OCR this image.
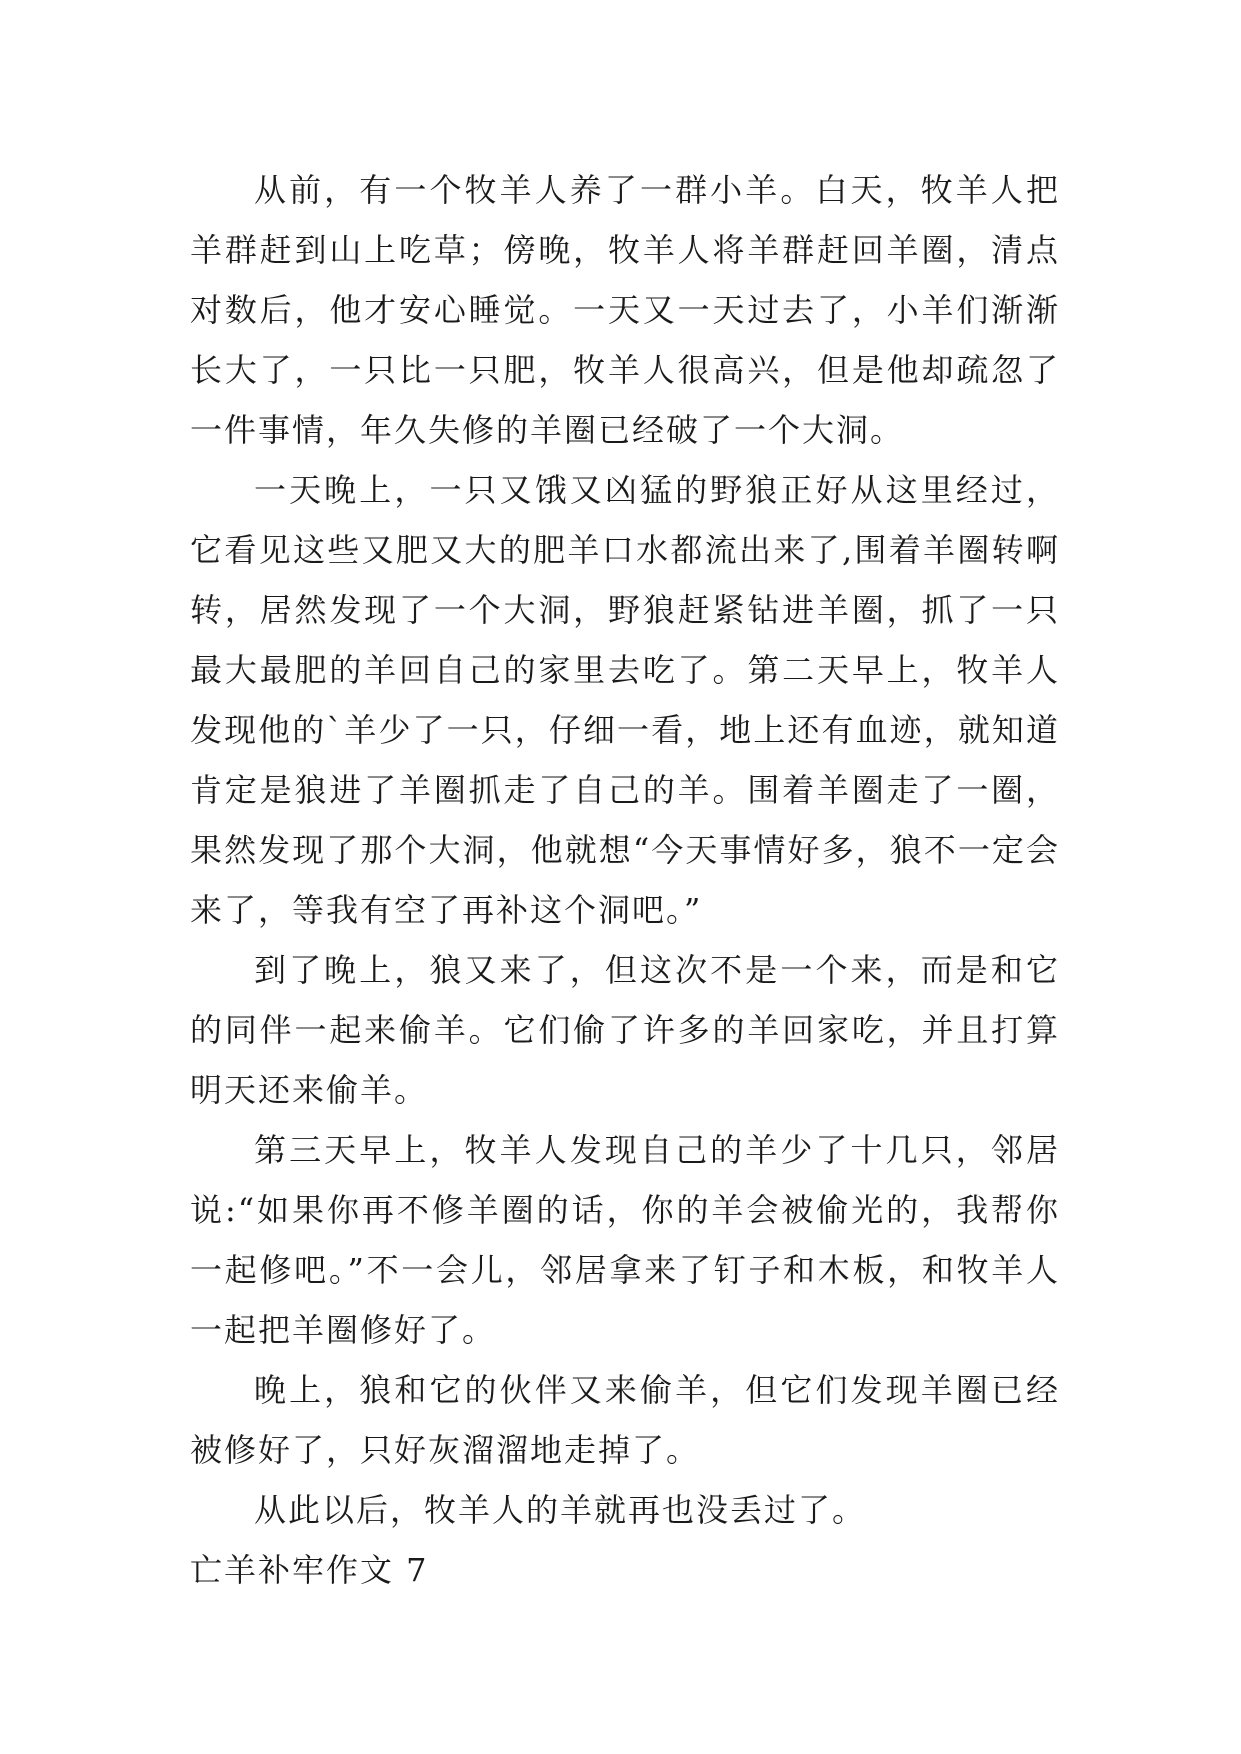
从前，有一个牧羊人养了一群小羊。白天，牧羊人把羊群赶到山上吃草；傍晚，牧羊人将羊群赶回羊圈，清点对数后，他才安心睡觉。一天又一天过去了，小羊们渐渐长大了，一只比一只肥，牧羊人很高兴，但是他却疏忽了一件事情，年久失修的羊圈已经破了一个大洞。

一天晚上，一只又饿又凶猛的野狼正好从这里经过，它看见这些又肥又大的肥羊口水都流出来了,围着羊圈转啊转，居然发现了一个大洞，野狼赶紧钻进羊圈，抓了一只最大最肥的羊回自己的家里去吃了。第二天早上，牧羊人发现他的`羊少了一只，仔细一看，地上还有血迹，就知道肯定是狼进了羊圈抓走了自己的羊。围着羊圈走了一圈，果然发现了那个大洞，他就想“今天事情好多，狼不一定会来了，等我有空了再补这个洞吧。”

到了晚上，狼又来了，但这次不是一个来，而是和它的同伴一起来偷羊。它们偷了许多的羊回家吃，并且打算明天还来偷羊。

第三天早上，牧羊人发现自己的羊少了十几只，邻居说:“如果你再不修羊圈的话，你的羊会被偷光的，我帮你一起修吧。”不一会儿，邻居拿来了钉子和木板，和牧羊人一起把羊圈修好了。

晚上，狼和它的伙伴又来偷羊，但它们发现羊圈已经被修好了，只好灰溜溜地走掉了。

从此以后，牧羊人的羊就再也没丢过了。

亡羊补牢作文 7
